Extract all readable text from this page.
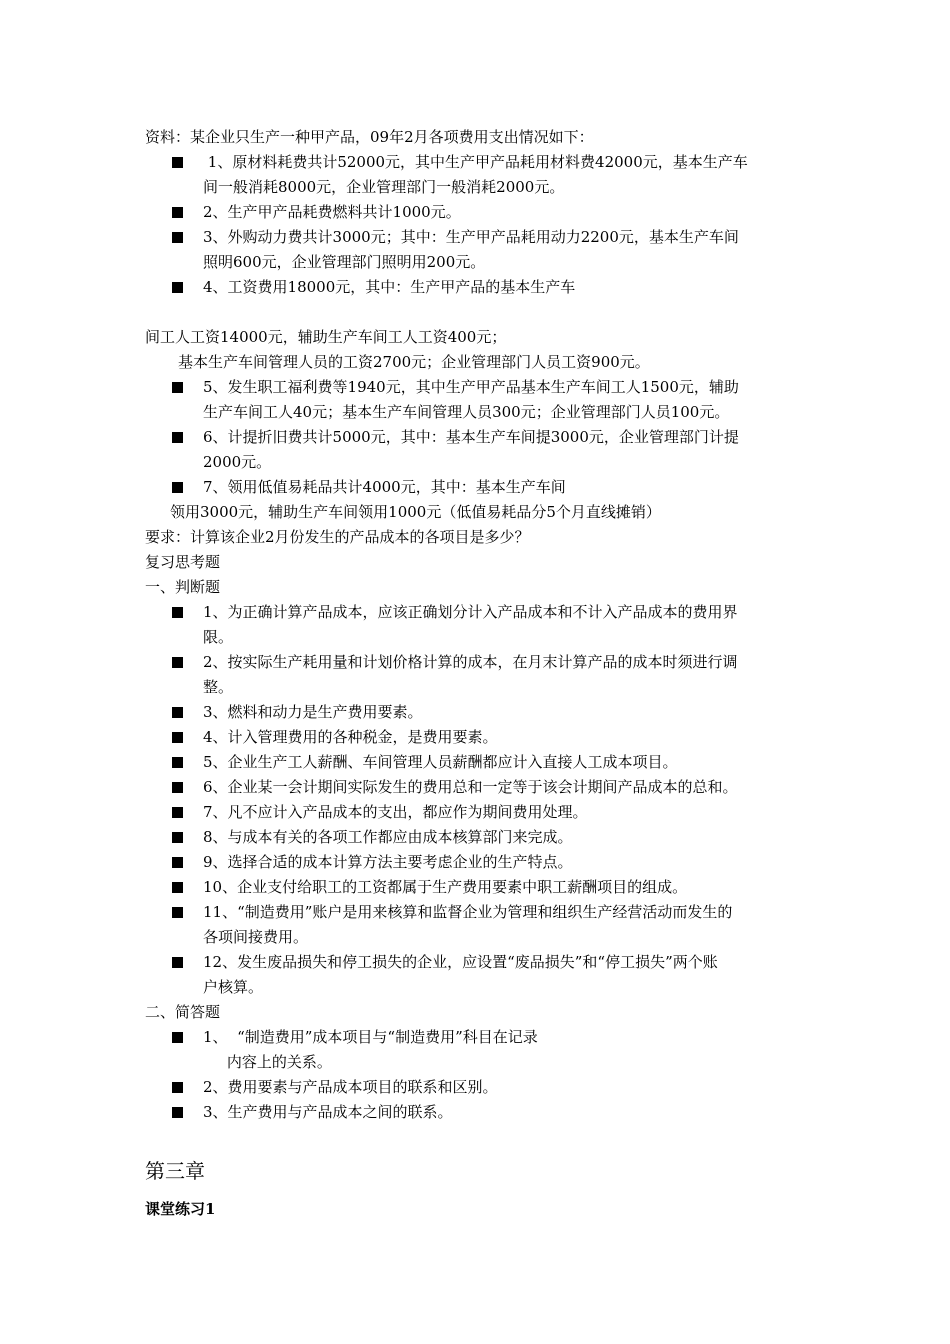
资料：某企业只生产一种甲产品，09年2月各项费用支出情况如下：
1、原材料耗费共计52000元，其中生产甲产品耗用材料费42000元，基本生产车
间一般消耗8000元，企业管理部门一般消耗2000元。
2、生产甲产品耗费燃料共计1000元。
3、外购动力费共计3000元；其中：生产甲产品耗用动力2200元，基本生产车间
照明600元，企业管理部门照明用200元。
4、工资费用18000元，其中：生产甲产品的基本生产车
间工人工资14000元，辅助生产车间工人工资400元；
基本生产车间管理人员的工资2700元；企业管理部门人员工资900元。
5、发生职工福利费等1940元，其中生产甲产品基本生产车间工人1500元，辅助
生产车间工人40元；基本生产车间管理人员300元；企业管理部门人员100元。
6、计提折旧费共计5000元，其中：基本生产车间提3000元，企业管理部门计提
2000元。
7、领用低值易耗品共计4000元，其中：基本生产车间
领用3000元，辅助生产车间领用1000元（低值易耗品分5个月直线摊销）
要求：计算该企业2月份发生的产品成本的各项目是多少？
复习思考题
一、判断题
1、为正确计算产品成本，应该正确划分计入产品成本和不计入产品成本的费用界
限。
2、按实际生产耗用量和计划价格计算的成本，在月末计算产品的成本时须进行调
整。
3、燃料和动力是生产费用要素。
4、计入管理费用的各种税金，是费用要素。
5、企业生产工人薪酬、车间管理人员薪酬都应计入直接人工成本项目。
6、企业某一会计期间实际发生的费用总和一定等于该会计期间产品成本的总和。
7、凡不应计入产品成本的支出，都应作为期间费用处理。
8、与成本有关的各项工作都应由成本核算部门来完成。
9、选择合适的成本计算方法主要考虑企业的生产特点。
10、企业支付给职工的工资都属于生产费用要素中职工薪酬项目的组成。
11、“制造费用”账户是用来核算和监督企业为管理和组织生产经营活动而发生的
各项间接费用。
12、发生废品损失和停工损失的企业，应设置“废品损失”和“停工损失”两个账
户核算。
二、简答题
1、  “制造费用”成本项目与“制造费用”科目在记录
内容上的关系。
2、费用要素与产品成本项目的联系和区别。
3、生产费用与产品成本之间的联系。
第三章
课堂练习1
